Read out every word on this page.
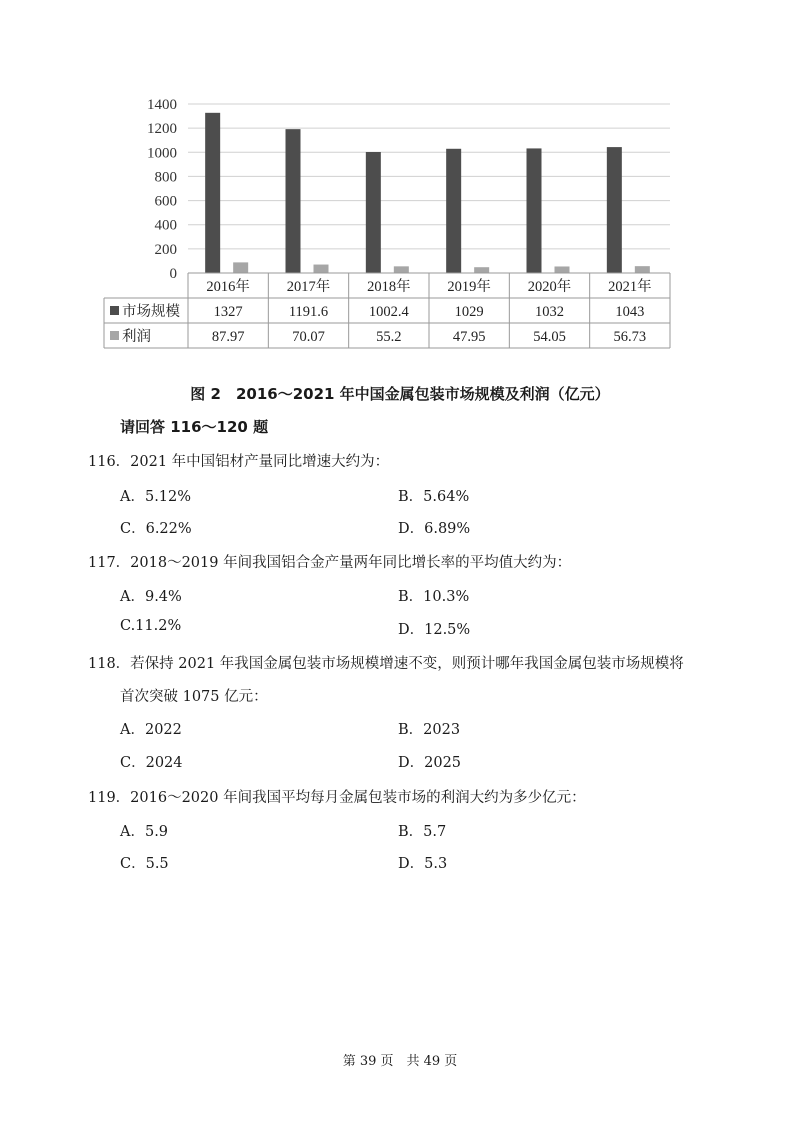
0
200
400
600
800
1000
1200
1400
2016年	2017年	2018年	2019年	2020年	2021年
市场规模 1327	1191.6	1002.4	1029	1032	1043
利润	87.97	70.07	55.2	47.95	54.05	56.73
图 2　2016～2021 年中国金属包装市场规模及利润（亿元）
请回答 116～120 题
116．2021 年中国铝材产量同比增速大约为：
A．5.12%	B．5.64%
C．6.22%	D．6.89%
117．2018～2019 年间我国铝合金产量两年同比增长率的平均值大约为：
A．9.4%	B．10.3%
C.11.2%	D．12.5%
118．若保持 2021 年我国金属包装市场规模增速不变，则预计哪年我国金属包装市场规模将
首次突破 1075 亿元：
A．2022	B．2023
C．2024	D．2025
119．2016～2020 年间我国平均每月金属包装市场的利润大约为多少亿元：
A．5.9	B．5.7
C．5.5	D．5.3
第 39 页　共 49 页
